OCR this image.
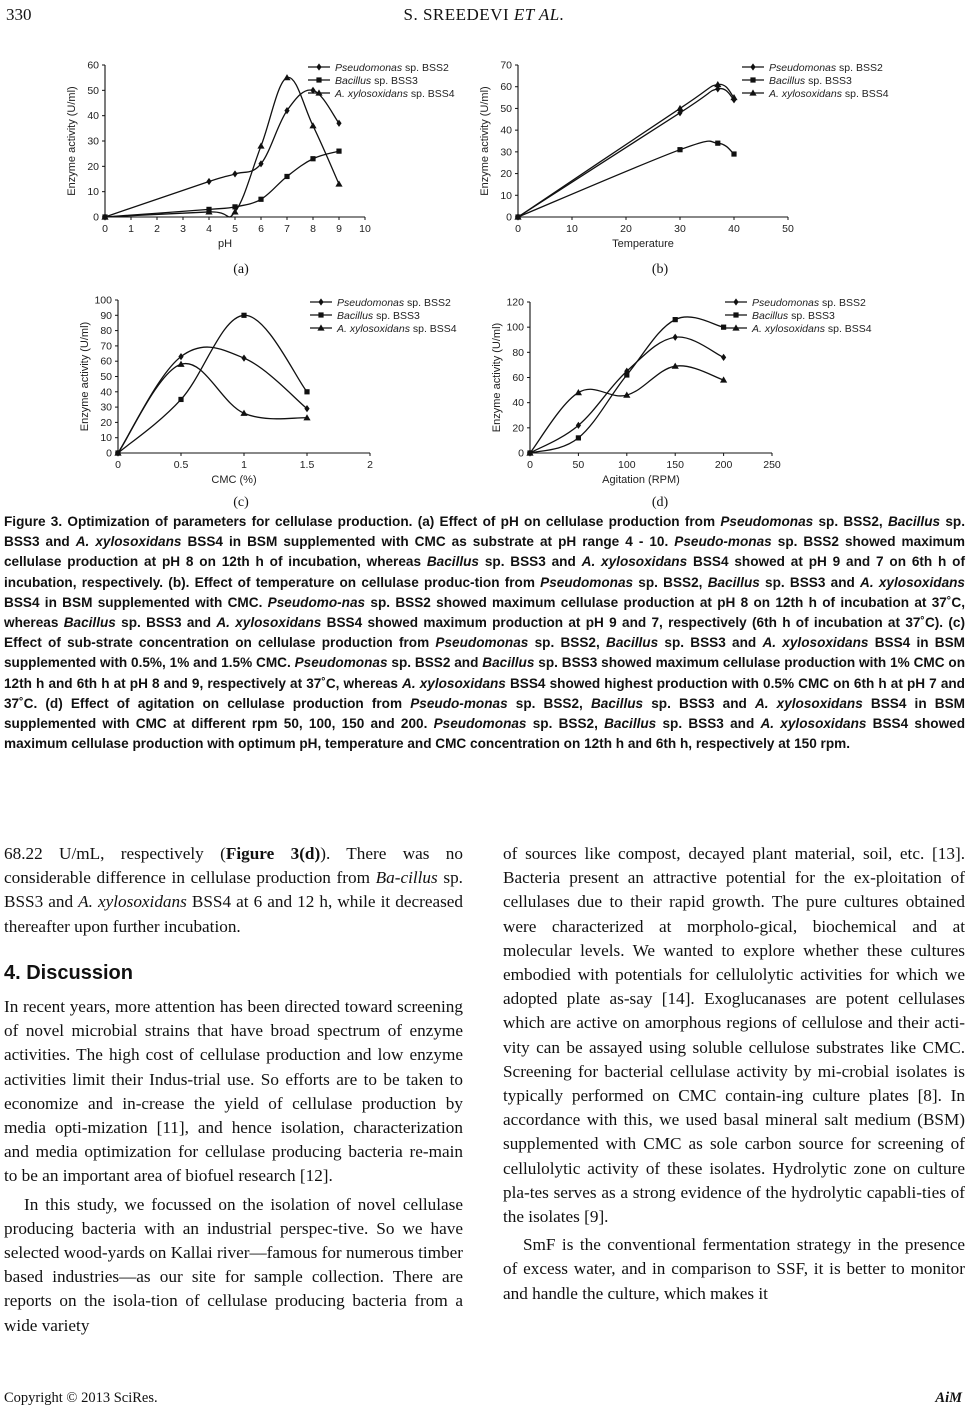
330	S. SREEDEVI ET AL.
0
10
20
30
40
50
60
0 1 2 3 4 5 6 7 8 9 10
pH
Enzyme activity (U/ml)
Pseudomonas sp. BSS2
Bacillus sp. BSS3
A. xylosoxidans sp. BSS4
0
10
20
30
40
50
60
70
0	10	20	30	40	50
Temperature
Enzyme activity (U/ml)
Pseudomonas sp. BSS2
Bacillus sp. BSS3
A. xylosoxidans sp. BSS4
0
10
20
30
40
50
60
70
80
90
100
0	0.5	1	1.5	2
CMC (%)
Enzyme activity (U/ml)
Pseudomonas sp. BSS2
Bacillus sp. BSS3
A. xylosoxidans sp. BSS4
0
20
40
60
80
100
120
0	50	100	150	200	250
Agitation (RPM)
Enzyme activity (U/ml)
Pseudomonas sp. BSS2
Bacillus sp. BSS3
A. xylosoxidans sp. BSS4
(a)	(b)
(c)	(d)
Figure 3. Optimization of parameters for cellulase production. (a) Effect of pH on cellulase production from Pseudomonas sp. BSS2, Bacillus sp. BSS3 and A. xylosoxidans BSS4 in BSM supplemented with CMC as substrate at pH range 4 - 10. Pseudo-monas sp. BSS2 showed maximum cellulase production at pH 8 on 12th h of incubation, whereas Bacillus sp. BSS3 and A. xylosoxidans BSS4 showed at pH 9 and 7 on 6th h of incubation, respectively. (b). Effect of temperature on cellulase produc-tion from Pseudomonas sp. BSS2, Bacillus sp. BSS3 and A. xylosoxidans BSS4 in BSM supplemented with CMC. Pseudomo-nas sp. BSS2 showed maximum cellulase production at pH 8 on 12th h of incubation at 37˚C, whereas Bacillus sp. BSS3 and A. xylosoxidans BSS4 showed maximum production at pH 9 and 7, respectively (6th h of incubation at 37˚C). (c) Effect of sub-strate concentration on cellulase production from Pseudomonas sp. BSS2, Bacillus sp. BSS3 and A. xylosoxidans BSS4 in BSM supplemented with 0.5%, 1% and 1.5% CMC. Pseudomonas sp. BSS2 and Bacillus sp. BSS3 showed maximum cellulase production with 1% CMC on 12th h and 6th h at pH 8 and 9, respectively at 37˚C, whereas A. xylosoxidans BSS4 showed highest production with 0.5% CMC on 6th h at pH 7 and 37˚C. (d) Effect of agitation on cellulase production from Pseudo-monas sp. BSS2, Bacillus sp. BSS3 and A. xylosoxidans BSS4 in BSM supplemented with CMC at different rpm 50, 100, 150 and 200. Pseudomonas sp. BSS2, Bacillus sp. BSS3 and A. xylosoxidans BSS4 showed maximum cellulase production with optimum pH, temperature and CMC concentration on 12th h and 6th h, respectively at 150 rpm.

68.22 U/mL, respectively (Figure 3(d)). There was no considerable difference in cellulase production from Ba-cillus sp. BSS3 and A. xylosoxidans BSS4 at 6 and 12 h, while it decreased thereafter upon further incubation.

4. Discussion

In recent years, more attention has been directed toward screening of novel microbial strains that have broad spectrum of enzyme activities. The high cost of cellulase production and low enzyme activities limit their Indus-trial use. So efforts are to be taken to economize and in-crease the yield of cellulase production by media opti-mization [11], and hence isolation, characterization and media optimization for cellulase producing bacteria re-main to be an important area of biofuel research [12].

In this study, we focussed on the isolation of novel cellulase producing bacteria with an industrial perspec-tive. So we have selected wood-yards on Kallai river—famous for numerous timber based industries—as our site for sample collection. There are reports on the isola-tion of cellulase producing bacteria from a wide variety

of sources like compost, decayed plant material, soil, etc. [13]. Bacteria present an attractive potential for the ex-ploitation of cellulases due to their rapid growth. The pure cultures obtained were characterized at morpholo-gical, biochemical and at molecular levels. We wanted to explore whether these cultures embodied with potentials for cellulolytic activities for which we adopted plate as-say [14]. Exoglucanases are potent cellulases which are active on amorphous regions of cellulose and their acti-vity can be assayed using soluble cellulose substrates like CMC. Screening for bacterial cellulase activity by mi-crobial isolates is typically performed on CMC contain-ing culture plates [8]. In accordance with this, we used basal mineral salt medium (BSM) supplemented with CMC as sole carbon source for screening of cellulolytic activity of these isolates. Hydrolytic zone on culture pla-tes serves as a strong evidence of the hydrolytic capabli-ties of the isolates [9].

SmF is the conventional fermentation strategy in the presence of excess water, and in comparison to SSF, it is better to monitor and handle the culture, which makes it

Copyright © 2013 SciRes.	AiM
